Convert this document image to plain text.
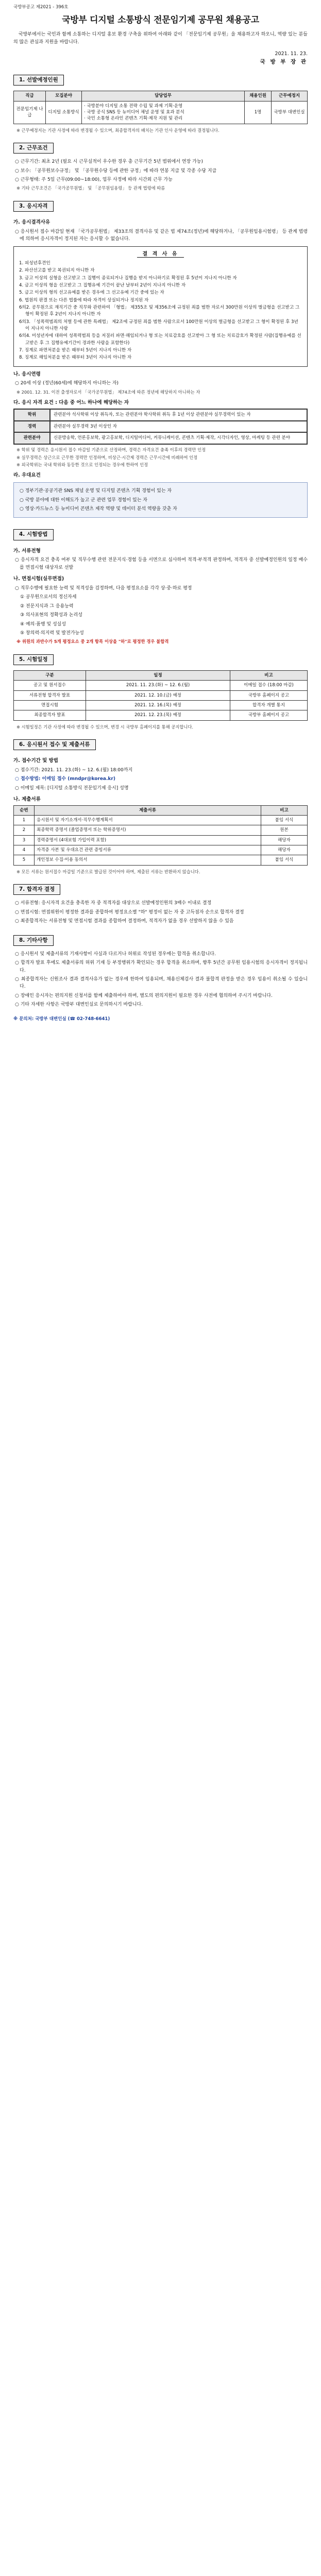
국방부공고 제2021 - 396호
국방부 디지털 소통방식 전문임기제 공무원 채용공고

국방부에서는 국민과 함께 소통하는 디지털 홍보 환경 구축을 위하여 아래와 같이 「전문임기제 공무원」을 채용하고자 하오니, 역량 있는 분들의 많은 관심과 지원을 바랍니다.

2021. 11. 23.
국 방 부 장 관
1. 선발예정인원
직급	모집분야	담당업무	채용인원	근무예정지
전문임기제 나급	디지털 소통방식	· 국방분야 디지털 소통 전략 수립 및 과제 기획·운영
· 국방 공식 SNS 등 뉴미디어 채널 운영 및 효과 분석
· 국민 소통형 온라인 콘텐츠 기획·제작 지원 및 관리	1명	국방부 대변인실
※ 근무예정지는 기관 사정에 따라 변경될 수 있으며, 최종합격자의 배치는 기관 인사 운영에 따라 결정됩니다.
2. 근무조건
○ 근무기간: 최초 2년 (필요 시 근무실적이 우수한 경우 총 근무기간 5년 범위에서 연장 가능)
○ 보수: 「공무원보수규정」 및 「공무원수당 등에 관한 규정」에 따라 연봉 지급 및 각종 수당 지급
○ 근무형태: 주 5일 근무(09:00~18:00), 업무 사정에 따라 시간외 근무 가능
※ 기타 근무조건은 「국가공무원법」 및 「공무원임용령」 등 관계 법령에 따름
3. 응시자격
가. 응시결격사유
○ 응시원서 접수 마감일 현재 「국가공무원법」 제33조의 결격사유 및 같은 법 제74조(정년)에 해당하거나, 「공무원임용시험령」 등 관계 법령에 의하여 응시자격이 정지된 자는 응시할 수 없습니다.
결 격 사 유
1. 피성년후견인
2. 파산선고를 받고 복권되지 아니한 자
3. 금고 이상의 실형을 선고받고 그 집행이 종료되거나 집행을 받지 아니하기로 확정된 후 5년이 지나지 아니한 자
4. 금고 이상의 형을 선고받고 그 집행유예 기간이 끝난 날부터 2년이 지나지 아니한 자
5. 금고 이상의 형의 선고유예를 받은 경우에 그 선고유예 기간 중에 있는 자
6. 법원의 판결 또는 다른 법률에 따라 자격이 상실되거나 정지된 자
6의2. 공무원으로 재직기간 중 직무와 관련하여 「형법」 제355조 및 제356조에 규정된 죄를 범한 자로서 300만원 이상의 벌금형을 선고받고 그 형이 확정된 후 2년이 지나지 아니한 자
6의3. 「성폭력범죄의 처벌 등에 관한 특례법」 제2조에 규정된 죄를 범한 사람으로서 100만원 이상의 벌금형을 선고받고 그 형이 확정된 후 3년이 지나지 아니한 사람
6의4. 미성년자에 대하여 성폭력범죄 등을 저질러 파면·해임되거나 형 또는 치료감호를 선고받아 그 형 또는 치료감호가 확정된 사람(집행유예를 선고받은 후 그 집행유예기간이 경과한 사람을 포함한다)
7. 징계로 파면처분을 받은 때부터 5년이 지나지 아니한 자
8. 징계로 해임처분을 받은 때부터 3년이 지나지 아니한 자
나. 응시연령
○ 20세 이상 (정년(60세)에 해당하지 아니하는 자)
※ 2001. 12. 31. 이전 출생자로서 「국가공무원법」 제74조에 따른 정년에 해당하지 아니하는 자
다. 응시 자격 요건 : 다음 중 어느 하나에 해당하는 자
학위	관련분야 석사학위 이상 취득자, 또는 관련분야 학사학위 취득 후 1년 이상 관련분야 실무경력이 있는 자
경력	관련분야 실무경력 3년 이상인 자
관련분야	신문방송학, 언론홍보학, 광고홍보학, 디지털미디어, 커뮤니케이션, 콘텐츠 기획·제작, 시각디자인, 영상, 마케팅 등 관련 분야
※ 학위 및 경력은 응시원서 접수 마감일 기준으로 산정하며, 경력은 자격요건 충족 이후의 경력만 인정
※ 실무경력은 상근으로 근무한 경력만 인정하며, 비상근·시간제 경력은 근무시간에 비례하여 인정
※ 외국학위는 국내 학위와 동등한 것으로 인정되는 경우에 한하여 인정
라. 우대요건
○ 정부기관·공공기관 SNS 채널 운영 및 디지털 콘텐츠 기획 경험이 있는 자
○ 국방 분야에 대한 이해도가 높고 군 관련 업무 경험이 있는 자
○ 영상·카드뉴스 등 뉴미디어 콘텐츠 제작 역량 및 데이터 분석 역량을 갖춘 자
4. 시험방법
가. 서류전형
○ 응시자격 요건 충족 여부 및 직무수행 관련 전문지식·경험 등을 서면으로 심사하여 적격·부적격 판정하며, 적격자 중 선발예정인원의 일정 배수를 면접시험 대상자로 선발
나. 면접시험(실무면접)
○ 직무수행에 필요한 능력 및 적격성을 검정하며, 다음 평정요소를 각각 상·중·하로 평정
① 공무원으로서의 정신자세
② 전문지식과 그 응용능력
③ 의사표현의 정확성과 논리성
④ 예의·품행 및 성실성
⑤ 창의력·의지력 및 발전가능성
※ 위원의 과반수가 5개 평정요소 중 2개 항목 이상을 "하"로 평정한 경우 불합격
5. 시험일정
구분	일정	비고
공고 및 원서접수	2021. 11. 23.(화) ~ 12. 6.(월)	이메일 접수 (18:00 마감)
서류전형 합격자 발표	2021. 12. 10.(금) 예정	국방부 홈페이지 공고
면접시험	2021. 12. 16.(목) 예정	합격자 개별 통지
최종합격자 발표	2021. 12. 23.(목) 예정	국방부 홈페이지 공고
※ 시험일정은 기관 사정에 따라 변경될 수 있으며, 변경 시 국방부 홈페이지를 통해 공지합니다.
6. 응시원서 접수 및 제출서류
가. 접수기간 및 방법
○ 접수기간: 2021. 11. 23.(화) ~ 12. 6.(월) 18:00까지
○ 접수방법: 이메일 접수 (mndpr@korea.kr)
○ 이메일 제목: [디지털 소통방식 전문임기제 응시] 성명
나. 제출서류
순번	제출서류	비고
1	응시원서 및 자기소개서·직무수행계획서	붙임 서식
2	최종학력 증명서 (졸업증명서 또는 학위증명서)	원본
3	경력증명서 (4대보험 가입이력 포함)	해당자
4	자격증 사본 및 우대요건 관련 증빙서류	해당자
5	개인정보 수집·이용 동의서	붙임 서식
※ 모든 서류는 원서접수 마감일 기준으로 발급된 것이어야 하며, 제출된 서류는 반환하지 않습니다.
7. 합격자 결정
○ 서류전형: 응시자격 요건을 충족한 자 중 적격자를 대상으로 선발예정인원의 3배수 이내로 결정
○ 면접시험: 면접위원이 평정한 결과를 종합하여 평정요소별 "하" 평정이 없는 자 중 고득점자 순으로 합격자 결정
○ 최종합격자는 서류전형 및 면접시험 결과를 종합하여 결정하며, 적격자가 없을 경우 선발하지 않을 수 있음
8. 기타사항
○ 응시원서 및 제출서류의 기재사항이 사실과 다르거나 허위로 작성된 경우에는 합격을 취소합니다.
○ 합격자 발표 후에도 제출서류의 허위 기재 등 부정행위가 확인되는 경우 합격을 취소하며, 향후 5년간 공무원 임용시험의 응시자격이 정지됩니다.
○ 최종합격자는 신원조사 결과 결격사유가 없는 경우에 한하여 임용되며, 채용신체검사 결과 불합격 판정을 받은 경우 임용이 취소될 수 있습니다.
○ 장애인 응시자는 편의지원 신청서를 함께 제출하여야 하며, 별도의 편의지원이 필요한 경우 사전에 협의하여 주시기 바랍니다.
○ 기타 자세한 사항은 국방부 대변인실로 문의하시기 바랍니다.
※ 문의처: 국방부 대변인실 (☎ 02-748-6641)
